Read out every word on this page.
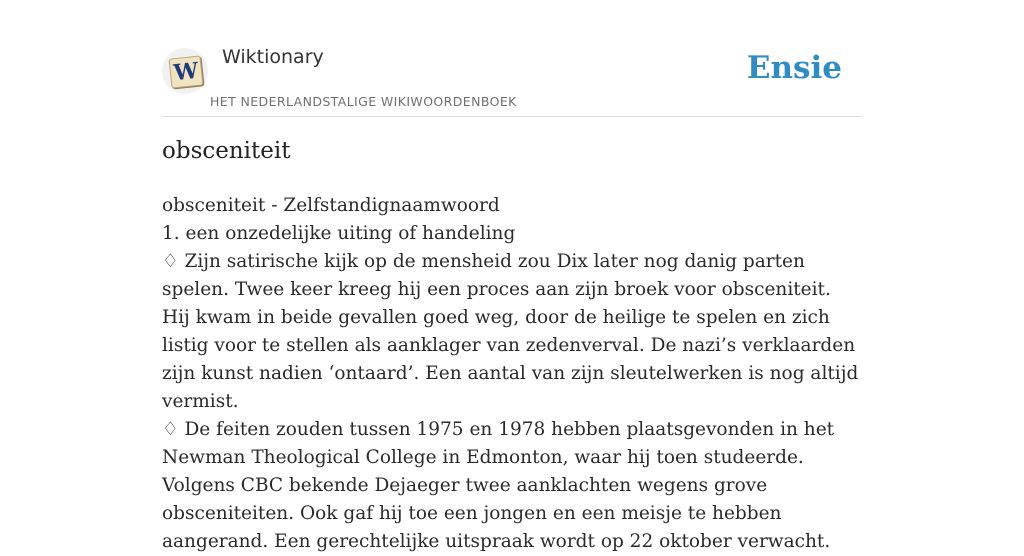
W
Wiktionary
HET NEDERLANDSTALIGE WIKIWOORDENBOEK
Ensie
obsceniteit

obsceniteit - Zelfstandignaamwoord

1. een onzedelijke uiting of handeling

♢ Zijn satirische kijk op de mensheid zou Dix later nog danig parten spelen. Twee keer kreeg hij een proces aan zijn broek voor obsceniteit. Hij kwam in beide gevallen goed weg, door de heilige te spelen en zich listig voor te stellen als aanklager van zedenverval. De nazi’s verklaarden zijn kunst nadien ‘ontaard’. Een aantal van zijn sleutelwerken is nog altijd vermist.

♢ De feiten zouden tussen 1975 en 1978 hebben plaatsgevonden in het Newman Theological College in Edmonton, waar hij toen studeerde. Volgens CBC bekende Dejaeger twee aanklachten wegens grove obsceniteiten. Ook gaf hij toe een jongen en een meisje te hebben aangerand. Een gerechtelijke uitspraak wordt op 22 oktober verwacht.
